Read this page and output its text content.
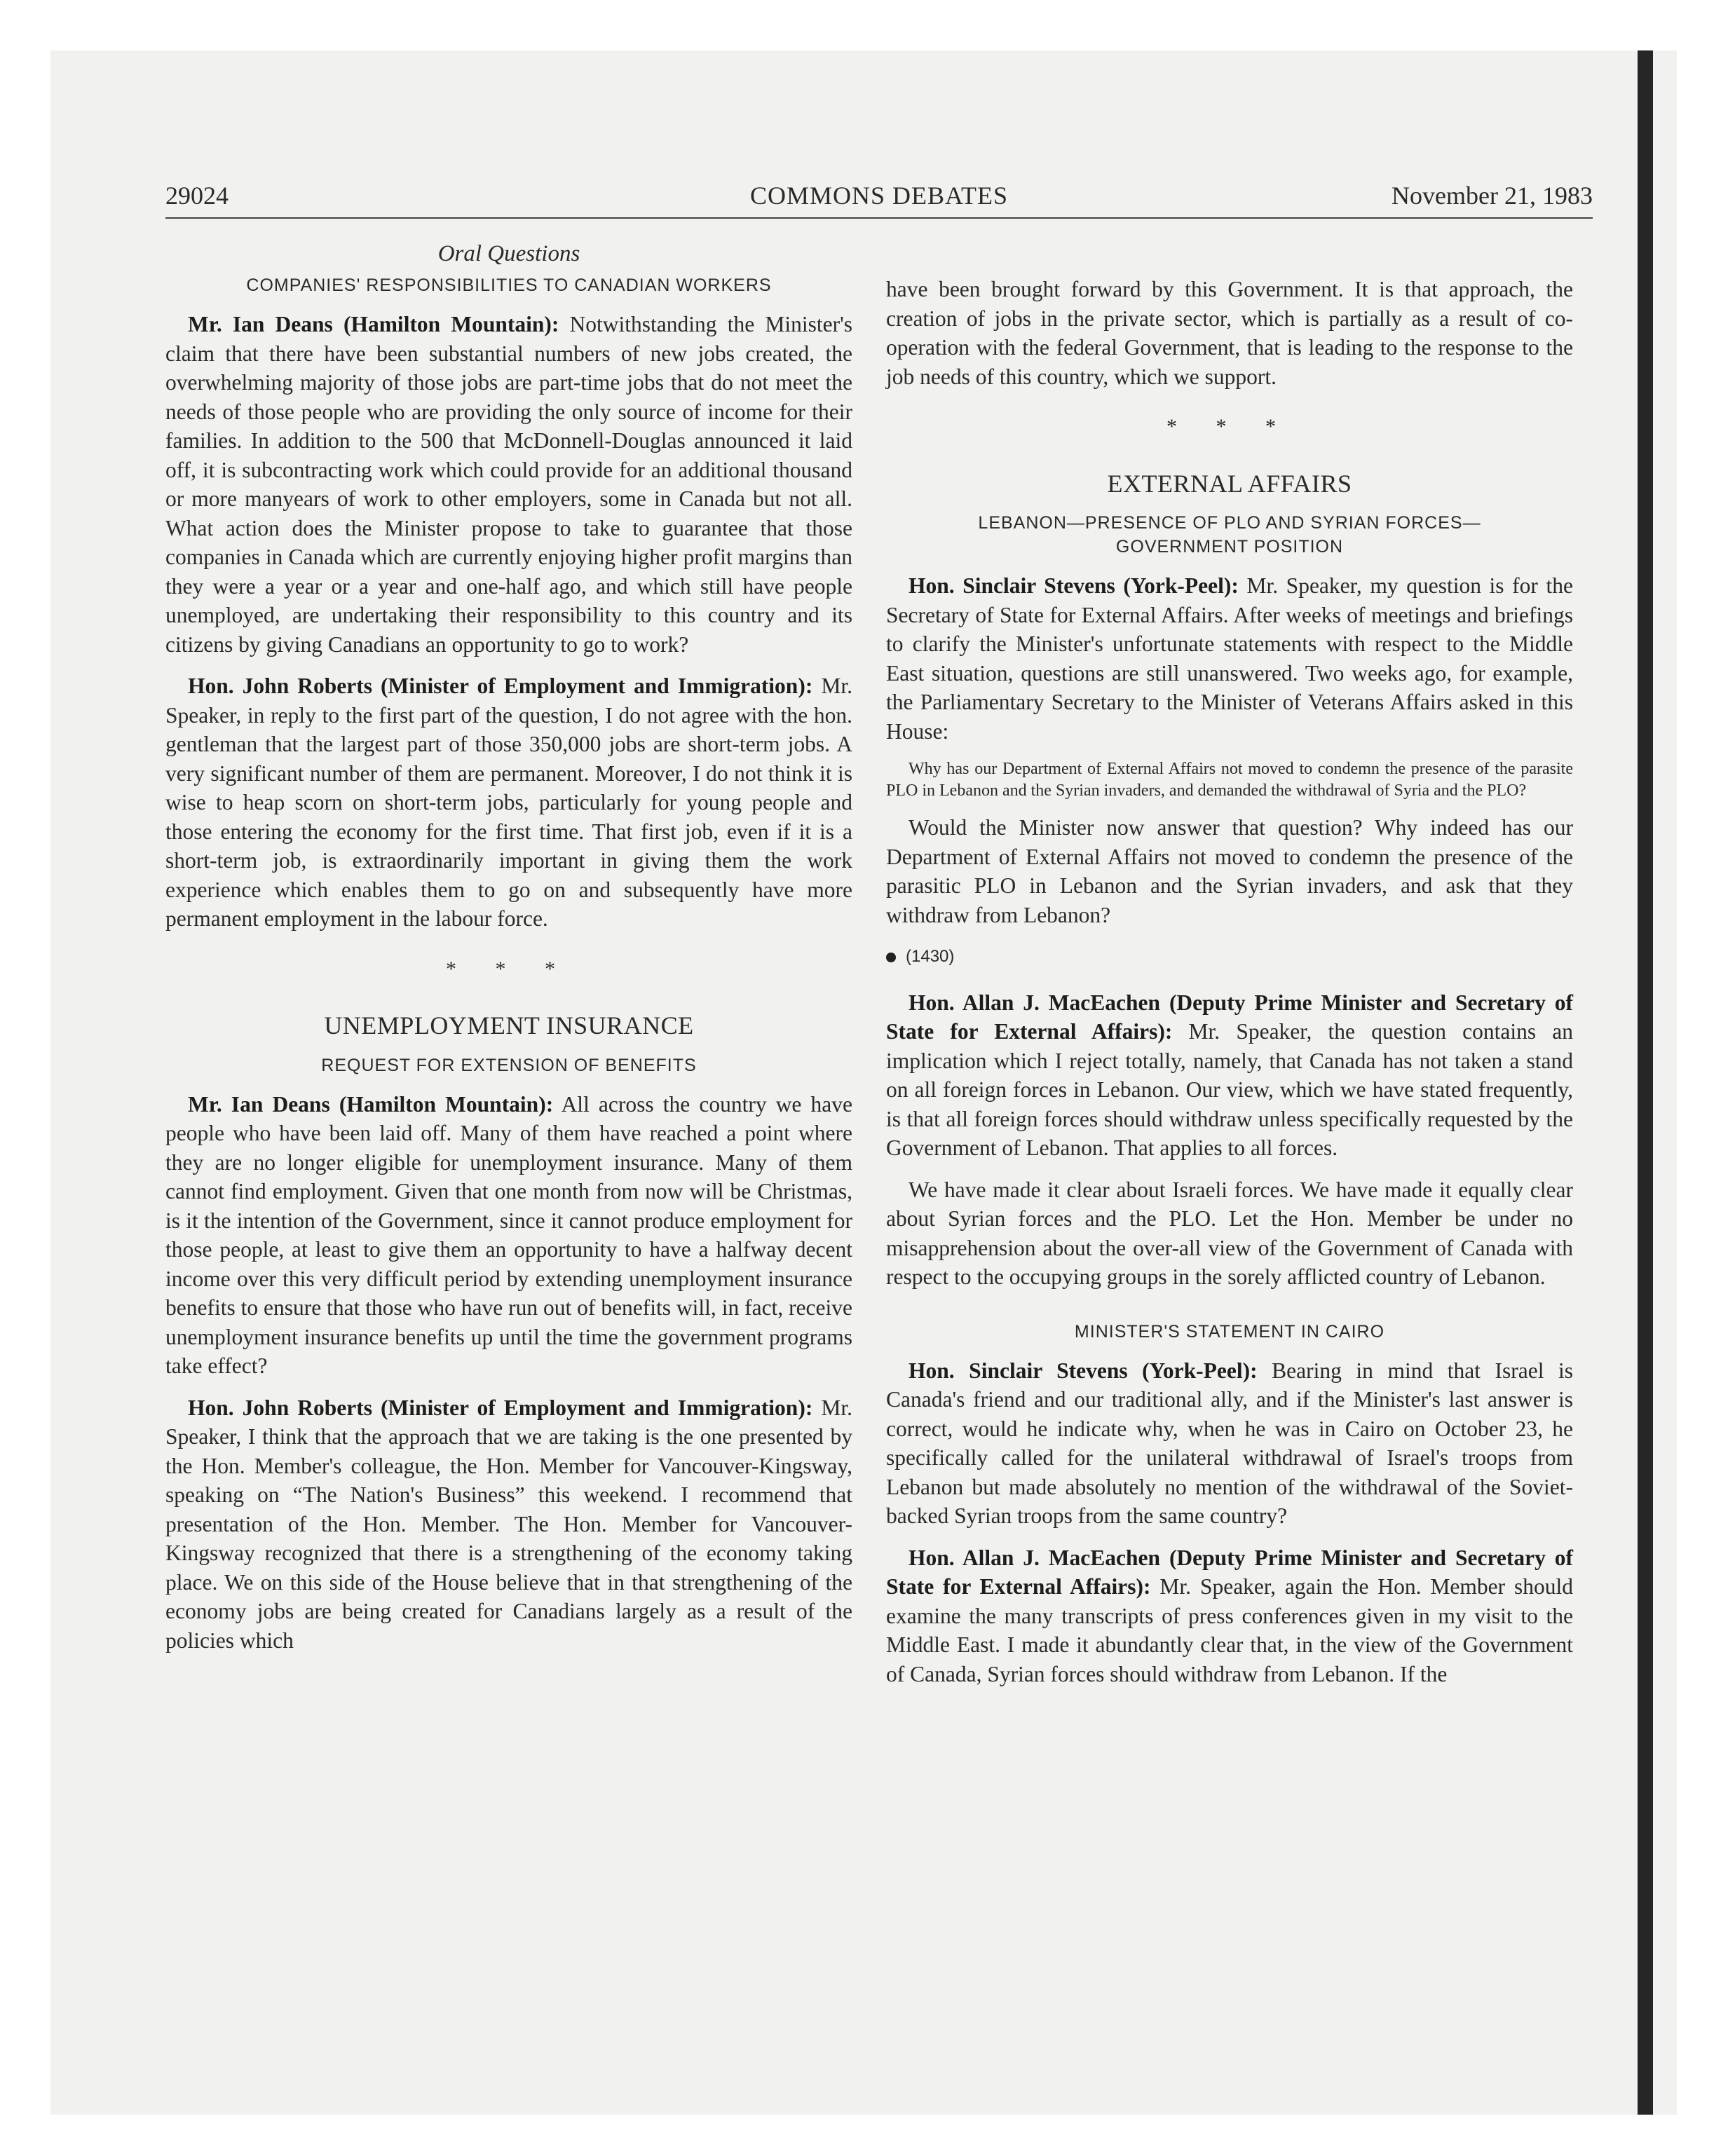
29024	COMMONS DEBATES	November 21, 1983
Oral Questions
COMPANIES' RESPONSIBILITIES TO CANADIAN WORKERS

Mr. Ian Deans (Hamilton Mountain): Notwithstanding the Minister's claim that there have been substantial numbers of new jobs created, the overwhelming majority of those jobs are part-time jobs that do not meet the needs of those people who are providing the only source of income for their families. In addition to the 500 that McDonnell-Douglas announced it laid off, it is subcontracting work which could provide for an additional thousand or more manyears of work to other employers, some in Canada but not all. What action does the Minister propose to take to guarantee that those companies in Canada which are currently enjoying higher profit margins than they were a year or a year and one-half ago, and which still have people unemployed, are undertaking their responsibility to this country and its citizens by giving Canadians an opportunity to go to work?

Hon. John Roberts (Minister of Employment and Immigration): Mr. Speaker, in reply to the first part of the question, I do not agree with the hon. gentleman that the largest part of those 350,000 jobs are short-term jobs. A very significant number of them are permanent. Moreover, I do not think it is wise to heap scorn on short-term jobs, particularly for young people and those entering the economy for the first time. That first job, even if it is a short-term job, is extraordinarily important in giving them the work experience which enables them to go on and subsequently have more permanent employment in the labour force.

* * *
UNEMPLOYMENT INSURANCE
REQUEST FOR EXTENSION OF BENEFITS

Mr. Ian Deans (Hamilton Mountain): All across the country we have people who have been laid off. Many of them have reached a point where they are no longer eligible for unemployment insurance. Many of them cannot find employment. Given that one month from now will be Christmas, is it the intention of the Government, since it cannot produce employment for those people, at least to give them an opportunity to have a halfway decent income over this very difficult period by extending unemployment insurance benefits to ensure that those who have run out of benefits will, in fact, receive unemployment insurance benefits up until the time the government programs take effect?

Hon. John Roberts (Minister of Employment and Immigration): Mr. Speaker, I think that the approach that we are taking is the one presented by the Hon. Member's colleague, the Hon. Member for Vancouver-Kingsway, speaking on “The Nation's Business” this weekend. I recommend that presentation of the Hon. Member. The Hon. Member for Vancouver-Kingsway recognized that there is a strengthening of the economy taking place. We on this side of the House believe that in that strengthening of the economy jobs are being created for Canadians largely as a result of the policies which

have been brought forward by this Government. It is that approach, the creation of jobs in the private sector, which is partially as a result of co-operation with the federal Government, that is leading to the response to the job needs of this country, which we support.

* * *
EXTERNAL AFFAIRS
LEBANON—PRESENCE OF PLO AND SYRIAN FORCES—
GOVERNMENT POSITION

Hon. Sinclair Stevens (York-Peel): Mr. Speaker, my question is for the Secretary of State for External Affairs. After weeks of meetings and briefings to clarify the Minister's unfortunate statements with respect to the Middle East situation, questions are still unanswered. Two weeks ago, for example, the Parliamentary Secretary to the Minister of Veterans Affairs asked in this House:

Why has our Department of External Affairs not moved to condemn the presence of the parasite PLO in Lebanon and the Syrian invaders, and demanded the withdrawal of Syria and the PLO?

Would the Minister now answer that question? Why indeed has our Department of External Affairs not moved to condemn the presence of the parasitic PLO in Lebanon and the Syrian invaders, and ask that they withdraw from Lebanon?

(1430)

Hon. Allan J. MacEachen (Deputy Prime Minister and Secretary of State for External Affairs): Mr. Speaker, the question contains an implication which I reject totally, namely, that Canada has not taken a stand on all foreign forces in Lebanon. Our view, which we have stated frequently, is that all foreign forces should withdraw unless specifically requested by the Government of Lebanon. That applies to all forces.

We have made it clear about Israeli forces. We have made it equally clear about Syrian forces and the PLO. Let the Hon. Member be under no misapprehension about the over-all view of the Government of Canada with respect to the occupying groups in the sorely afflicted country of Lebanon.

MINISTER'S STATEMENT IN CAIRO

Hon. Sinclair Stevens (York-Peel): Bearing in mind that Israel is Canada's friend and our traditional ally, and if the Minister's last answer is correct, would he indicate why, when he was in Cairo on October 23, he specifically called for the unilateral withdrawal of Israel's troops from Lebanon but made absolutely no mention of the withdrawal of the Soviet-backed Syrian troops from the same country?

Hon. Allan J. MacEachen (Deputy Prime Minister and Secretary of State for External Affairs): Mr. Speaker, again the Hon. Member should examine the many transcripts of press conferences given in my visit to the Middle East. I made it abundantly clear that, in the view of the Government of Canada, Syrian forces should withdraw from Lebanon. If the
